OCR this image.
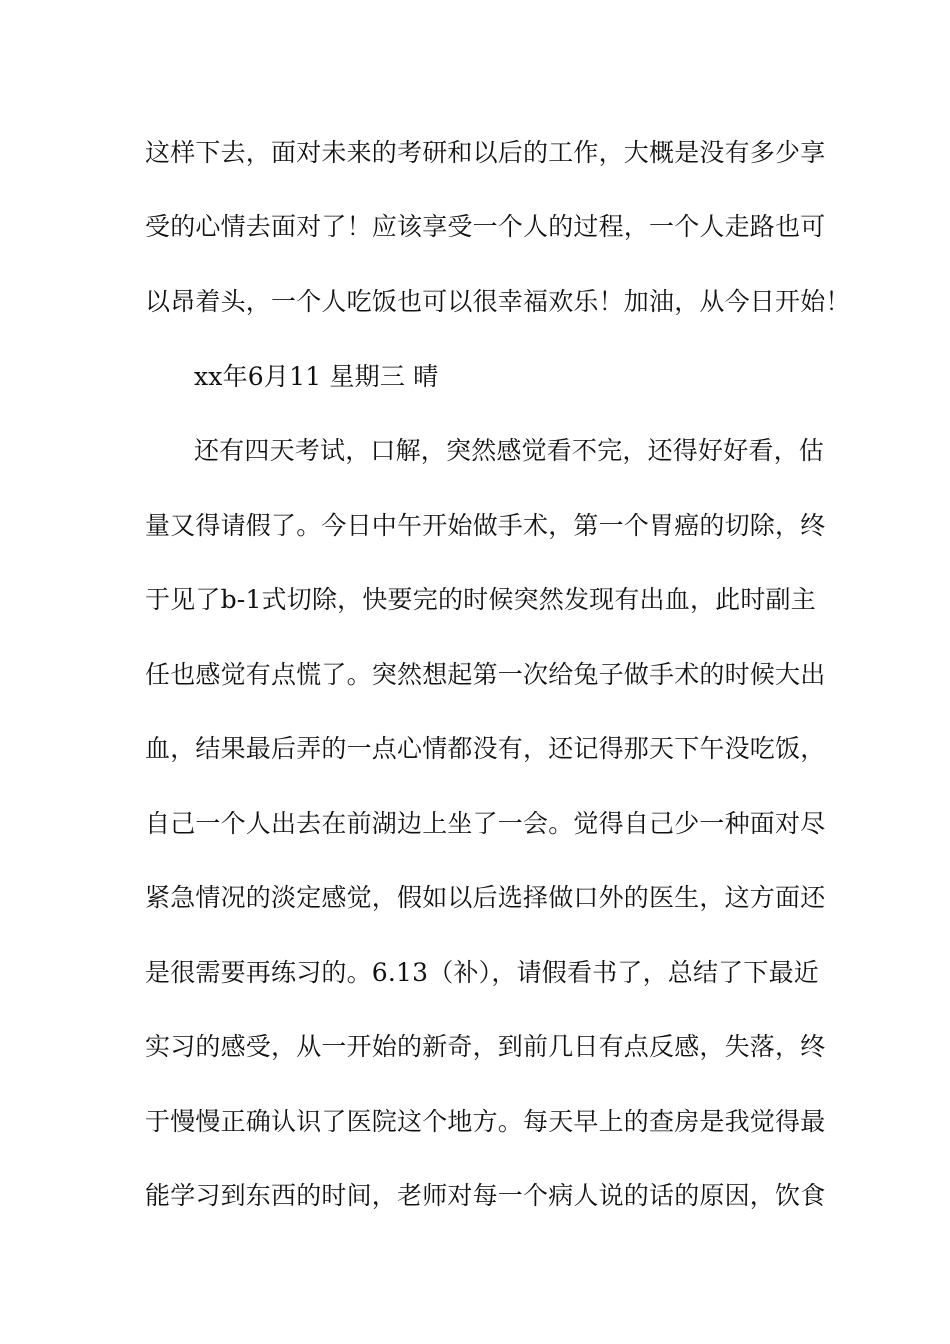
这样下去，面对未来的考研和以后的工作，大概是没有多少享
受的心情去面对了！应该享受一个人的过程，一个人走路也可
以昂着头，一个人吃饭也可以很幸福欢乐！加油，从今日开始！
xx年6月11 星期三 晴
还有四天考试，口解，突然感觉看不完，还得好好看，估
量又得请假了。今日中午开始做手术，第一个胃癌的切除，终
于见了b-1式切除，快要完的时候突然发现有出血，此时副主
任也感觉有点慌了。突然想起第一次给兔子做手术的时候大出
血，结果最后弄的一点心情都没有，还记得那天下午没吃饭，
自己一个人出去在前湖边上坐了一会。觉得自己少一种面对尽
紧急情况的淡定感觉，假如以后选择做口外的医生，这方面还
是很需要再练习的。6.13（补），请假看书了，总结了下最近
实习的感受，从一开始的新奇，到前几日有点反感，失落，终
于慢慢正确认识了医院这个地方。每天早上的查房是我觉得最
能学习到东西的时间，老师对每一个病人说的话的原因，饮食
